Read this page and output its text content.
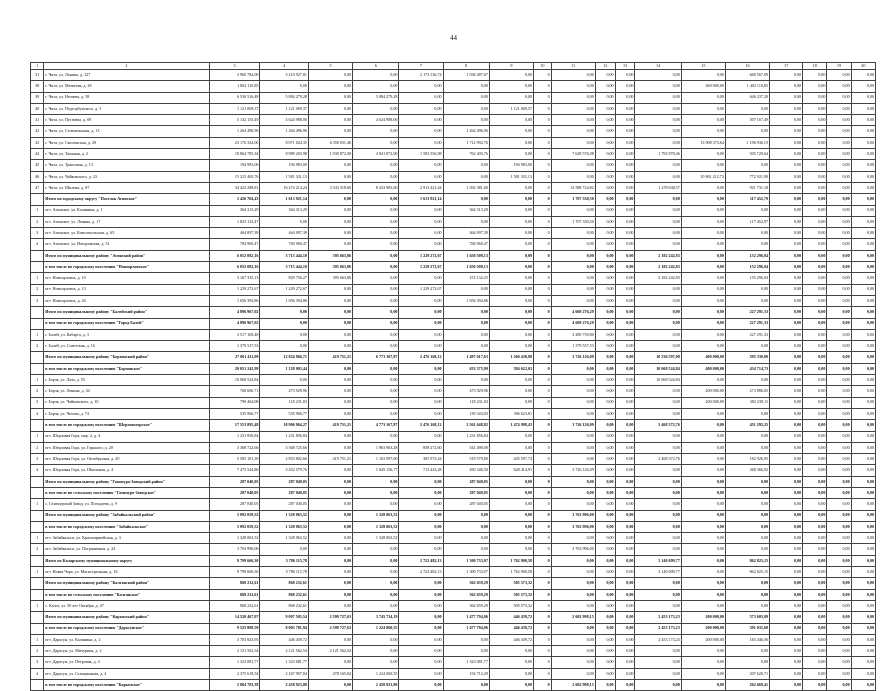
44
1	2	3	4	5	6	7	8	9	10	11	12	13	14	15	16	17	18	19	20
31	г. Чита, ул. Ленина, д. 127	3 960 784,00	3 210 927,81	0,00	0,00	2 173 136,74	1 038 487,07	0,00	0	0,00	0,00	0,00	0,00	0,00	668 567,09	0,00	0,00	0,00	0,00
38	г. Чита, ул. Матвеева, д. 65	1 862 110,85	0,00	0,00	0,00	0,00	0,00	0,00	0	0,00	0,00	0,00	0,00	460 000,00	1 402 110,85	0,00	0,00	0,00	0,00
39	г. Чита, ул. Нечаева, д. 58	6 530 516,48	5 884 279,28	0,00	5 884 279,28	0,00	0,00	0,00	0	0,00	0,00	0,00	0,00	0,00	646 237,20	0,00	0,00	0,00	0,00
40	г. Чита, ул. Подгорбунского, д. 3	1 121 069,37	1 121 069,37	0,00	0,00	0,00	0,00	1 121 069,37	0	0,00	0,00	0,00	0,00	0,00	0,00	0,00	0,00	0,00	0,00
41	г. Чита, ул. Пугачёва, д. 69	5 132 155,49	4 624 988,00	0,00	4 624 988,00	0,00	0,00	0,00	0	0,00	0,00	0,00	0,00	0,00	507 167,49	0,00	0,00	0,00	0,00
42	г. Чита, ул. Селенгинская, д. 13	1 264 496,96	1 264 496,96	0,00	0,00	0,00	1 264 496,96	0,00	0	0,00	0,00	0,00	0,00	0,00	0,00	0,00	0,00	0,00	0,00
43	г. Чита, ул. Смоленская, д. 29	23 176 334,00	8 071 024,35	6 358 031,46	0,00	0,00	1 712 992,76	0,00	0	0,00	0,00	0,00	0,00	13 908 373,64	1 196 936,15	0,00	0,00	0,00	0,00
44	г. Чита, ул. Таежная, д. 2	18 864 785,34	8 989 203,98	1 939 872,00	4 841 872,00	1 593 556,98	762 405,76	0,00	0	7 628 576,08	0,00	0,00	1 792 978,46	0,00	505 729,64	0,00	0,00	0,00	0,00
45	г. Чита, ул. Трактовая, д. 13	194 983,00	194 983,00	0,00	0,00	0,00	0,00	194 983,00	0	0,00	0,00	0,00	0,00	0,00	0,00	0,00	0,00	0,00	0,00
46	г. Чита, ул. Чайковского, д. 23	15 215 465,76	1 581 331,13	0,00	0,00	0,00	0,00	1 581 331,13	0	0,00	0,00	0,00	0,00	10 861 212,73	772 921,90	0,00	0,00	0,00	0,00
47	г. Чита, ул. Шилова, д. 87	34 423 288,81	16 274 214,24	3 543 318,60	8 423 983,60	2 913 421,44	1 392 381,60	0,00	0	13 588 724,82	0,00	0,00	1 278 638,57	0,00	921 731,18	0,00	0,00	0,00	0,00
	Итого по городскому округу "Поселок Агинское"	2 426 704,43	1 613 921,14	0,00	0,00	1 613 921,14	0,00	0,00	0	1 707 330,50	0,00	0,00	0,00	0,00	117 452,79	0,00	0,00	0,00	0,00
1	пгт. Агинское, ул. Калинина, д. 1	364 313,29	364 313,29	0,00	0,00	0,00	364 313,29	0,00	0	0,00	0,00	0,00	0,00	0,00	0,00	0,00	0,00	0,00	0,00
2	пгт. Агинское, ул. Ленина, д. 17	1 823 133,47	0,00	0,00	0,00	0,00	0,00	0,00	0	1 707 330,50	0,00	0,00	0,00	0,00	117 452,97	0,00	0,00	0,00	0,00
3	пгт. Агинское, ул. Комсомольская, д. 65	464 097,39	464 097,39	0,00	0,00	0,00	464 097,39	0,00	0	0,00	0,00	0,00	0,00	0,00	0,00	0,00	0,00	0,00	0,00
4	пгт. Агинское, ул. Нагорханова, д. 51	784 960,47	784 960,47	0,00	0,00	0,00	784 960,47	0,00	0	0,00	0,00	0,00	0,00	0,00	0,00	0,00	0,00	0,00	0,00
	Итого по муниципальному району "Агинский район"	6 052 082,16	3 715 444,10	395 663,86	0,00	1 229 272,67	1 650 508,13	0,00	0	0,00	0,00	0,00	2 182 242,83	0,00	152 296,04	0,00	0,00	0,00	0,00
	в том числе по городскому поселению "Новоорловское"	6 052 082,16	3 715 444,10	395 663,86	0,00	1 229 272,67	1 650 508,13	0,00	0	0,00	0,00	0,00	2 182 242,83	0,00	152 296,04	0,00	0,00	0,00	0,00
1	пгт. Новоорловск, д. 10	3 167 335,13	829 756,27	395 663,86	0,00	0,00	274 132,25	0,00	0	0,00	0,00	0,00	2 182 242,83	0,00	155 296,04	0,00	0,00	0,00	0,00
2	пгт. Новоорловск, д. 13	1 229 272,67	1 229 272,67	0,00	0,00	1 229 272,67	0,00	0,00	0	0,00	0,00	0,00	0,00	0,00	0,00	0,00	0,00	0,00	0,00
3	пгт. Новоорловск, д. 26	1 656 394,86	1 656 394,86	0,00	0,00	0,00	1 656 394,86	0,00	0	0,00	0,00	0,00	0,00	0,00	0,00	0,00	0,00	0,00	0,00
	Итого по муниципальному району "Балейский район"	4 896 967,02	0,00	0,00	0,00	0,00	0,00	0,00	0	4 669 276,29	0,00	0,00	0,00	0,00	227 291,33	0,00	0,00	0,00	0,00
	в том числе по городскому поселению "Город Балей"	4 896 967,02	0,00	0,00	0,00	0,00	0,00	0,00	0	4 669 276,29	0,00	0,00	0,00	0,00	227 291,33	0,00	0,00	0,00	0,00
1	г. Балей, ул. Кабарга, д. 3	3 517 169,48	0,00	0,00	0,00	0,00	0,00	0,00	0	3 289 739,80	0,00	0,00	0,00	0,00	227 291,33	0,00	0,00	0,00	0,00
2	г. Балей, ул. Советская, д. 16	1 379 537,53	0,00	0,00	0,00	0,00	0,00	0,00	0	1 379 537,53	0,00	0,00	0,00	0,00	0,00	0,00	0,00	0,00	0,00
	Итого по муниципальному району "Борзинский район"	27 061 411,09	12 024 966,71	419 751,21	6 773 167,87	2 476 168,12	1 497 617,63	1 260 430,90	0	3 726 126,09	0,00	0,00	10 536 597,00	400 000,00	595 330,00	0,00	0,00	0,00	0,00
	в том числе по городскому поселению "Борзинское"	20 051 242,99	1 128 003,44	0,00	0,00	0,00	633 375,99	394 622,03	0	0,00	0,00	0,00	10 068 524,84	400 000,00	434 714,73	0,00	0,00	0,00	0,00
1	г. Борзя, ул. Лазо, д. 55	10 068 524,84	0,00	0,00	0,00	0,00	0,00	0,00	0	0,00	0,00	0,00	10 068 524,84	0,00	0,00	0,00	0,00	0,00	0,00
2	г. Борзя, ул. Ленина, д. 34	768 606,71	473 929,96	0,00	0,00	0,00	473 929,96	0,00	0	0,00	0,00	0,00	0,00	200 000,00	273 886,65	0,00	0,00	0,00	0,00
3	г. Борзя, ул. Чайковского, д. 10	790 464,08	118 231,03	0,00	0,00	0,00	118 231,03	0,00	0	0,00	0,00	0,00	0,00	200 000,00	382 239,11	0,00	0,00	0,00	0,00
4	г. Борзя, ул. Чехова, д. 74	535 966,77	535 966,77	0,00	0,00	0,00	139 343,03	396 623,81	0	0,00	0,00	0,00	0,00	0,00	0,00	0,00	0,00	0,00	0,00
	в том числе по городскому поселению "Шерловогорское"	17 553 895,48	10 906 964,27	419 751,21	4 773 167,87	2 476 168,12	2 561 648,82	1 474 998,43	0	3 726 126,09	0,00	0,00	2 468 372,76	0,00	451 295,25	0,00	0,00	0,00	0,00
1	пгт. Шерловая Гора, мкр. 2, д. 4	1 231 856,84	1 231 856,84	0,00	0,00	0,00	1 231 856,84	0,00	0	0,00	0,00	0,00	0,00	0,00	0,00	0,00	0,00	0,00	0,00
2	пгт. Шерловая Гора, ул. Горького, д. 20	3 368 722,66	3 368 725,66	0,00	1 963 963,28	838 272,60	541 490,00	0,00	0	0,00	0,00	0,00	0,00	0,00	0,00	0,00	0,00	0,00	0,00
3	пгт. Шерловая Гора, ул. Октябрьская, д. 20	5 505 101,39	2 853 802,66	419 751,21	1 163 997,00	305 973,44	519 579,80	445 597,74	0	0,00	0,00	0,00	2 468 372,76	0,00	182 926,95	0,00	0,00	0,00	0,00
4	пгт. Шерловая Гора, ул. Школьная, д. 4	7 475 544,86	3 452 579,76	0,00	1 645 156,77	713 423,28	450 346,50	628 414,91	0	3 726 126,09	0,00	0,00	0,00	0,00	268 366,92	0,00	0,00	0,00	0,00
	Итого по муниципальному району "Газимуро-Заводский район"	287 040,05	287 040,05	0,00	0,00	0,00	287 040,05	0,00	0	0,00	0,00	0,00	0,00	0,00	0,00	0,00	0,00	0,00	0,00
	в том числе по сельскому поселению "Газимуро-Заводское"	287 040,05	287 040,05	0,00	0,00	0,00	287 040,05	0,00	0	0,00	0,00	0,00	0,00	0,00	0,00	0,00	0,00	0,00	0,00
1	с. Газимурский Завод, ул. Погодаева, д. 9	287 040,05	287 040,05	0,00	0,00	0,00	287 040,05	0,00	0	0,00	0,00	0,00	0,00	0,00	0,00	0,00	0,00	0,00	0,00
	Итого по муниципальному району "Забайкальский район"	5 092 059,52	1 328 063,52	0,00	1 328 063,52	0,00	0,00	0,00	0	3 763 996,00	0,00	0,00	0,00	0,00	0,00	0,00	0,00	0,00	0,00
	в том числе по городскому поселению "Забайкальское"	5 092 059,52	1 328 063,52	0,00	1 328 063,52	0,00	0,00	0,00	0	3 763 996,00	0,00	0,00	0,00	0,00	0,00	0,00	0,00	0,00	0,00
1	пгт. Забайкальск, ул. Красноармейская, д. 3	1 328 063,52	1 328 063,52	0,00	1 328 063,52	0,00	0,00	0,00	0	0,00	0,00	0,00	0,00	0,00	0,00	0,00	0,00	0,00	0,00
2	пгт. Забайкальск, ул. Пограничная, д. 24	3 763 996,00	0,00	0,00	0,00	0,00	0,00	0,00	0	3 763 996,00	0,00	0,00	0,00	0,00	0,00	0,00	0,00	0,00	0,00
	Итого по Каларскому муниципальному округу	9 799 666,30	5 786 115,78	0,00	0,00	2 722 482,13	1 300 733,07	1 762 900,58	0	0,00	0,00	0,00	3 140 699,77	0,00	862 825,15	0,00	0,00	0,00	0,00
1	пгт. Новая Чара, ул. Магистральная, д. 16	9 799 666,30	5 786 115,78	0,00	0,00	2 722 482,13	1 300 733,07	1 762 900,58	0	0,00	0,00	0,00	3 140 699,77	0,00	862 825,15	0,00	0,00	0,00	0,00
	Итого по муниципальному району "Калганский район"	868 232,61	868 232,61	0,00	0,00	0,00	362 659,29	505 573,32	0	0,00	0,00	0,00	0,00	0,00	0,00	0,00	0,00	0,00	0,00
	в том числе по сельскому поселению "Калганское"	868 232,61	868 232,61	0,00	0,00	0,00	362 659,29	505 573,32	0	0,00	0,00	0,00	0,00	0,00	0,00	0,00	0,00	0,00	0,00
1	с. Калга, ул. 50 лет Октября, д. 47	868 232,61	868 232,61	0,00	0,00	0,00	362 659,29	505 573,32	0	0,00	0,00	0,00	0,00	0,00	0,00	0,00	0,00	0,00	0,00
	Итого по муниципальному району "Карымский район"	14 520 467,97	9 007 505,54	2 599 727,63	3 745 734,19	0,00	1 477 794,06	446 439,72	0	2 602 998,15	0,00	0,00	2 453 173,23	200 000,00	573 605,09	0,00	0,00	0,00	0,00
	в том числе по городскому поселению "Дарасунское"	9 525 808,59	8 003 781,94	2 599 727,63	1 224 060,55	0,00	1 477 794,06	446 439,72	0	0,00	0,00	0,00	2 453 173,23	200 000,00	391 035,68	0,00	0,00	0,00	0,00
1	пгт. Дарасун, ул. Калинина, д. 2	3 703 843,95	446 439,72	0,00	0,00	0,00	0,00	446 439,72	0	0,00	0,00	0,00	2 453 173,23	200 000,00	183 446,56	0,00	0,00	0,00	0,00
2	пгт. Дарасун, ул. Мичурина, д. 2	2 121 562,54	2 121 562,54	2 121 562,54	0,00	0,00	0,00	0,00	0	0,00	0,00	0,00	0,00	0,00	0,00	0,00	0,00	0,00	0,00
3	пгт. Дарасун, ул. Петровая, д. 4	1 323 081,77	1 323 081,77	0,00	0,00	0,00	1 323 081,77	0,00	0	0,00	0,00	0,00	0,00	0,00	0,00	0,00	0,00	0,00	0,00
4	пгт. Дарасун, ул. Станционная, д. 4	2 375 618,54	2 167 997,84	478 165,04	1 224 060,55	0,00	154 712,29	0,00	0	0,00	0,00	0,00	0,00	0,00	207 620,71	0,00	0,00	0,00	0,00
	в том числе по городскому поселению "Карымское"	5 004 783,38	2 458 923,80	0,00	2 458 923,80	0,00	0,00	0,00	0	2 602 998,15	0,00	0,00	0,00	0,00	262 669,41	0,00	0,00	0,00	0,00
